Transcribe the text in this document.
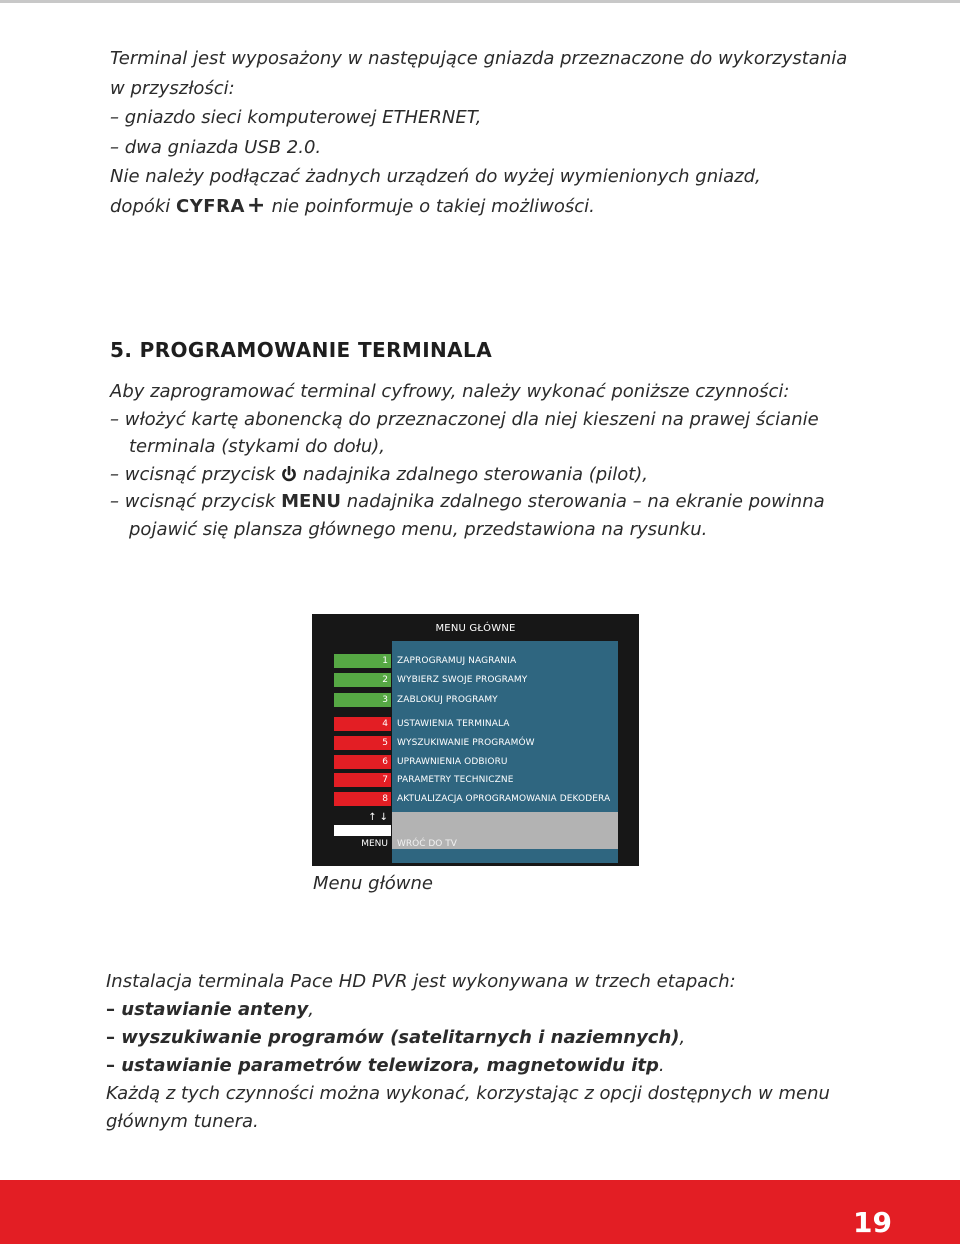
Terminal jest wyposażony w następujące gniazda przeznaczone do wykorzystania

w przyszłości:

– gniazdo sieci komputerowej ETHERNET,

– dwa gniazda USB 2.0.

Nie należy podłączać żadnych urządzeń do wyżej wymienionych gniazd,

dopóki CYFRA+ nie poinformuje o takiej możliwości.

5. PROGRAMOWANIE TERMINALA

Aby zaprogramować terminal cyfrowy, należy wykonać poniższe czynności:

– włożyć kartę abonencką do przeznaczonej dla niej kieszeni na prawej ścianie

terminala (stykami do dołu),

– wcisnąć przycisk nadajnika zdalnego sterowania (pilot),

– wcisnąć przycisk MENU nadajnika zdalnego sterowania – na ekranie powinna

pojawić się plansza głównego menu, przedstawiona na rysunku.

MENU GŁÓWNE
1 ZAPROGRAMUJ NAGRANIA
2 WYBIERZ SWOJE PROGRAMY
3 ZABLOKUJ PROGRAMY
4 USTAWIENIA TERMINALA
5 WYSZUKIWANIE PROGRAMÓW
6 UPRAWNIENIA ODBIORU
7 PARAMETRY TECHNICZNE
8 AKTUALIZACJA OPROGRAMOWANIA DEKODERA
↑ ↓
MENU WRÓĆ DO TV
Menu główne

Instalacja terminala Pace HD PVR jest wykonywana w trzech etapach:

– ustawianie anteny,

– wyszukiwanie programów (satelitarnych i naziemnych),

– ustawianie parametrów telewizora, magnetowidu itp.

Każdą z tych czynności można wykonać, korzystając z opcji dostępnych w menu

głównym tunera.

19
